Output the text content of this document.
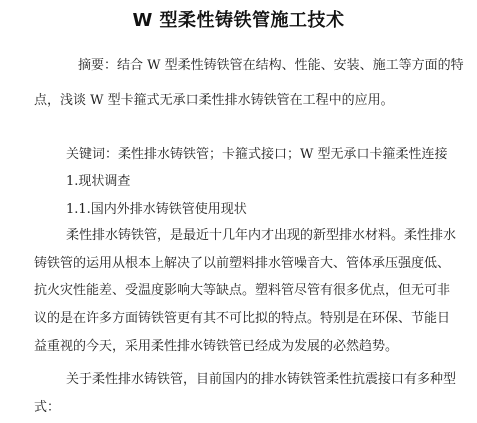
W 型柔性铸铁管施工技术
摘要：结合 W 型柔性铸铁管在结构、性能、安装、施工等方面的特
点，浅谈 W 型卡箍式无承口柔性排水铸铁管在工程中的应用。
关键词：柔性排水铸铁管；卡箍式接口；W 型无承口卡箍柔性连接
1.现状调查
1.1.国内外排水铸铁管使用现状
柔性排水铸铁管，是最近十几年内才出现的新型排水材料。柔性排水
铸铁管的运用从根本上解决了以前塑料排水管噪音大、管体承压强度低、
抗火灾性能差、受温度影响大等缺点。塑料管尽管有很多优点，但无可非
议的是在许多方面铸铁管更有其不可比拟的特点。特别是在环保、节能日
益重视的今天，采用柔性排水铸铁管已经成为发展的必然趋势。
关于柔性排水铸铁管，目前国内的排水铸铁管柔性抗震接口有多种型
式：
